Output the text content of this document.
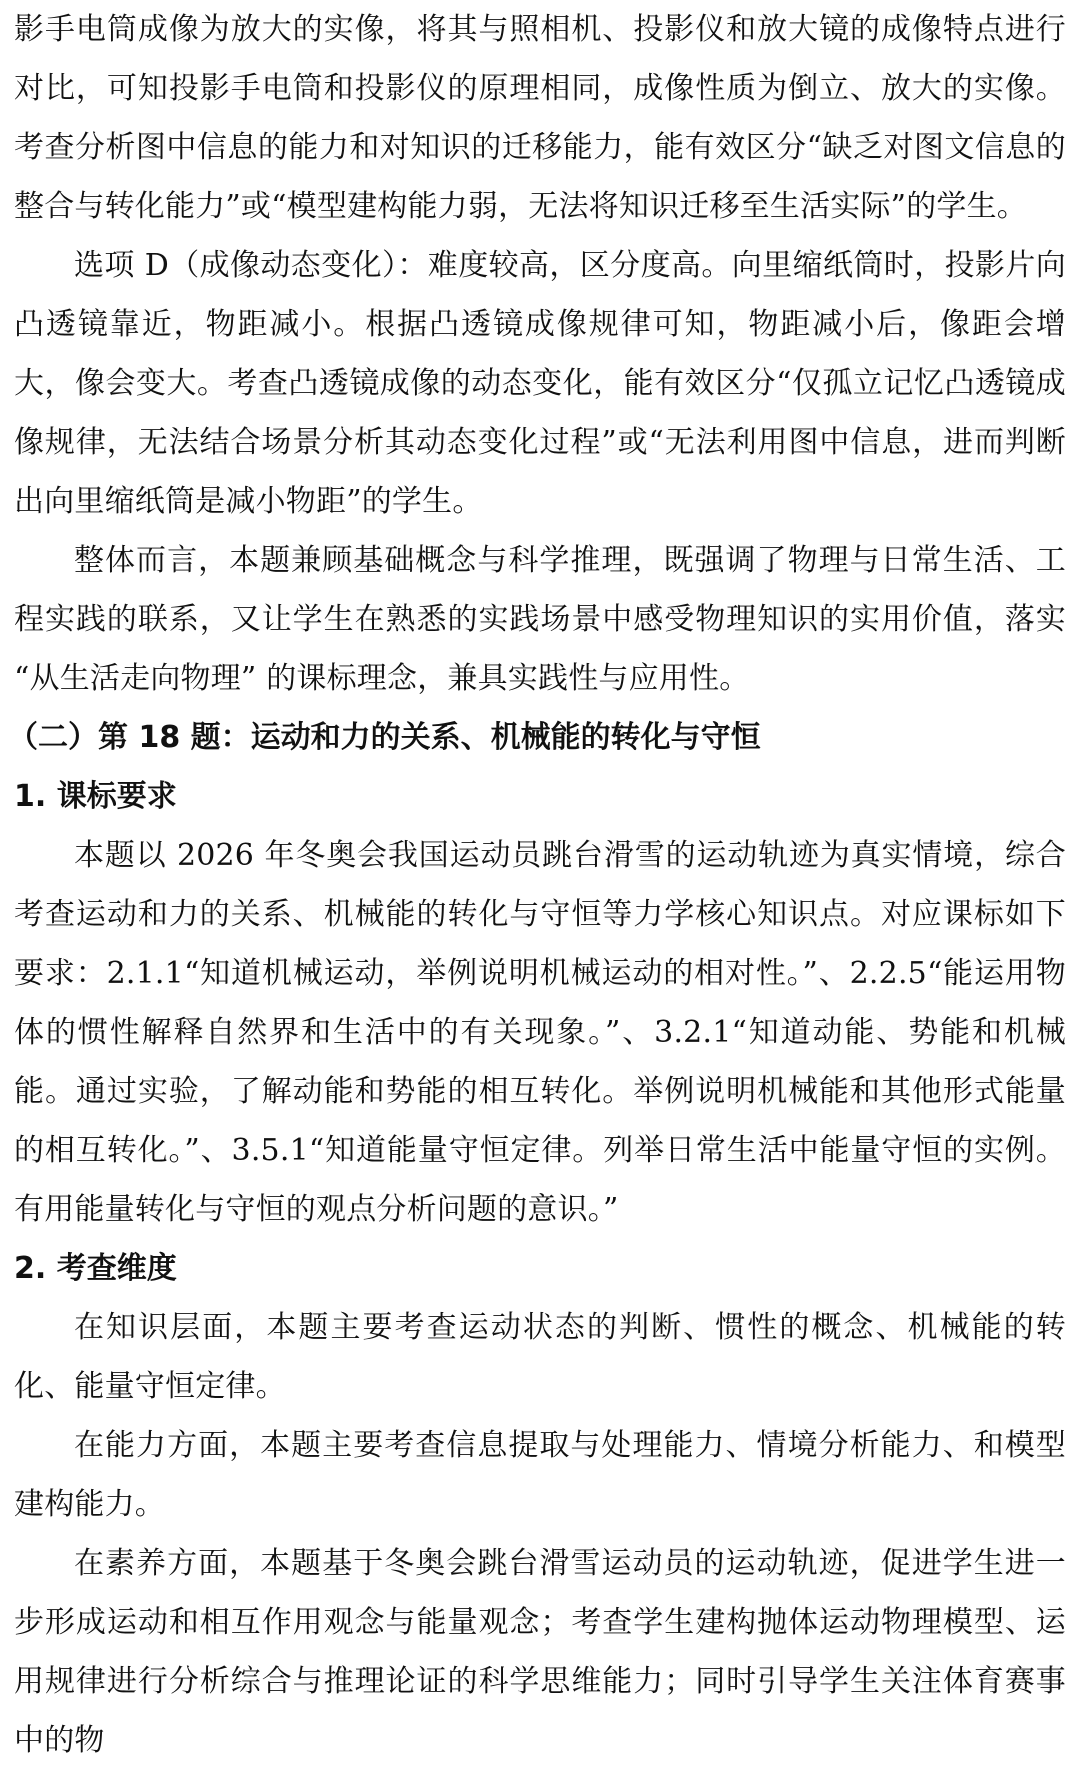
影手电筒成像为放大的实像，将其与照相机、投影仪和放大镜的成像特点进行对比，可知投影手电筒和投影仪的原理相同，成像性质为倒立、放大的实像。考查分析图中信息的能力和对知识的迁移能力，能有效区分“缺乏对图文信息的整合与转化能力”或“模型建构能力弱，无法将知识迁移至生活实际”的学生。

选项 D（成像动态变化）：难度较高，区分度高。向里缩纸筒时，投影片向凸透镜靠近，物距减小。根据凸透镜成像规律可知，物距减小后，像距会增大，像会变大。考查凸透镜成像的动态变化，能有效区分“仅孤立记忆凸透镜成像规律，无法结合场景分析其动态变化过程”或“无法利用图中信息，进而判断出向里缩纸筒是减小物距”的学生。

整体而言，本题兼顾基础概念与科学推理，既强调了物理与日常生活、工程实践的联系，又让学生在熟悉的实践场景中感受物理知识的实用价值，落实 “从生活走向物理” 的课标理念，兼具实践性与应用性。

（二）第 18 题：运动和力的关系、机械能的转化与守恒

1. 课标要求

本题以 2026 年冬奥会我国运动员跳台滑雪的运动轨迹为真实情境，综合考查运动和力的关系、机械能的转化与守恒等力学核心知识点。对应课标如下要求：2.1.1“知道机械运动，举例说明机械运动的相对性。”、2.2.5“能运用物体的惯性解释自然界和生活中的有关现象。”、3.2.1“知道动能、势能和机械能。通过实验，了解动能和势能的相互转化。举例说明机械能和其他形式能量的相互转化。”、3.5.1“知道能量守恒定律。列举日常生活中能量守恒的实例。有用能量转化与守恒的观点分析问题的意识。”

2. 考查维度

在知识层面，本题主要考查运动状态的判断、惯性的概念、机械能的转化、能量守恒定律。

在能力方面，本题主要考查信息提取与处理能力、情境分析能力、和模型建构能力。

在素养方面，本题基于冬奥会跳台滑雪运动员的运动轨迹，促进学生进一步形成运动和相互作用观念与能量观念；考查学生建构抛体运动物理模型、运用规律进行分析综合与推理论证的科学思维能力；同时引导学生关注体育赛事中的物
